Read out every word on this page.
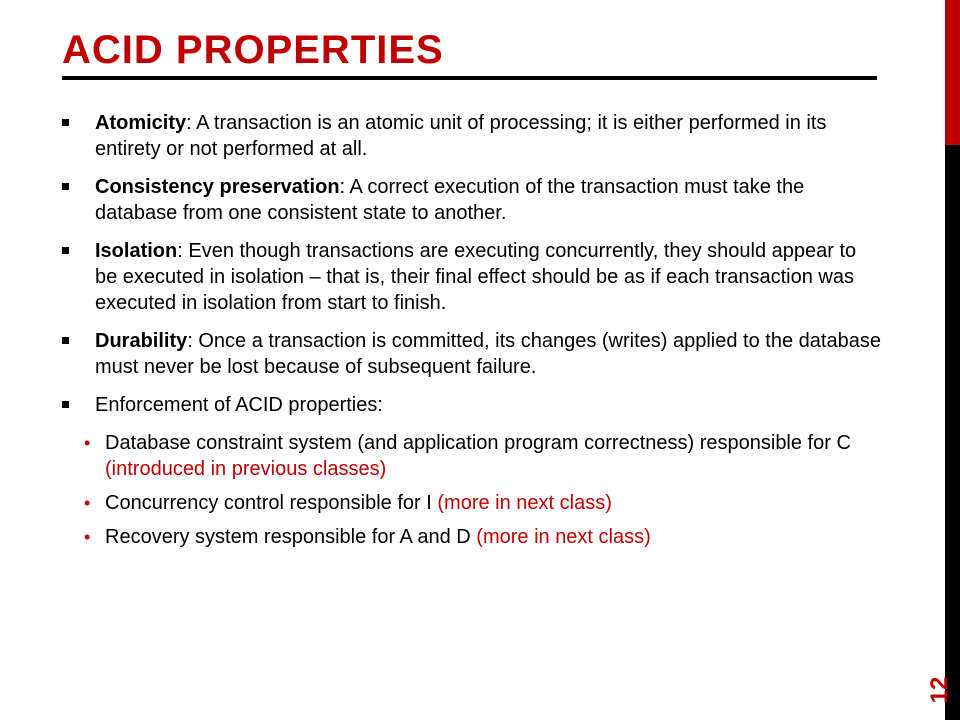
12
ACID PROPERTIES
Atomicity: A transaction is an atomic unit of processing; it is either performed in its entirety or not performed at all.
Consistency preservation: A correct execution of the transaction must take the database from one consistent state to another.
Isolation: Even though transactions are executing concurrently, they should appear to be executed in isolation – that is, their final effect should be as if each transaction was executed in isolation from start to finish.
Durability: Once a transaction is committed, its changes (writes) applied to the database must never be lost because of subsequent failure.
Enforcement of ACID properties:
• Database constraint system (and application program correctness) responsible for C (introduced in previous classes)
• Concurrency control responsible for I (more in next class)
• Recovery system responsible for A and D (more in next class)
